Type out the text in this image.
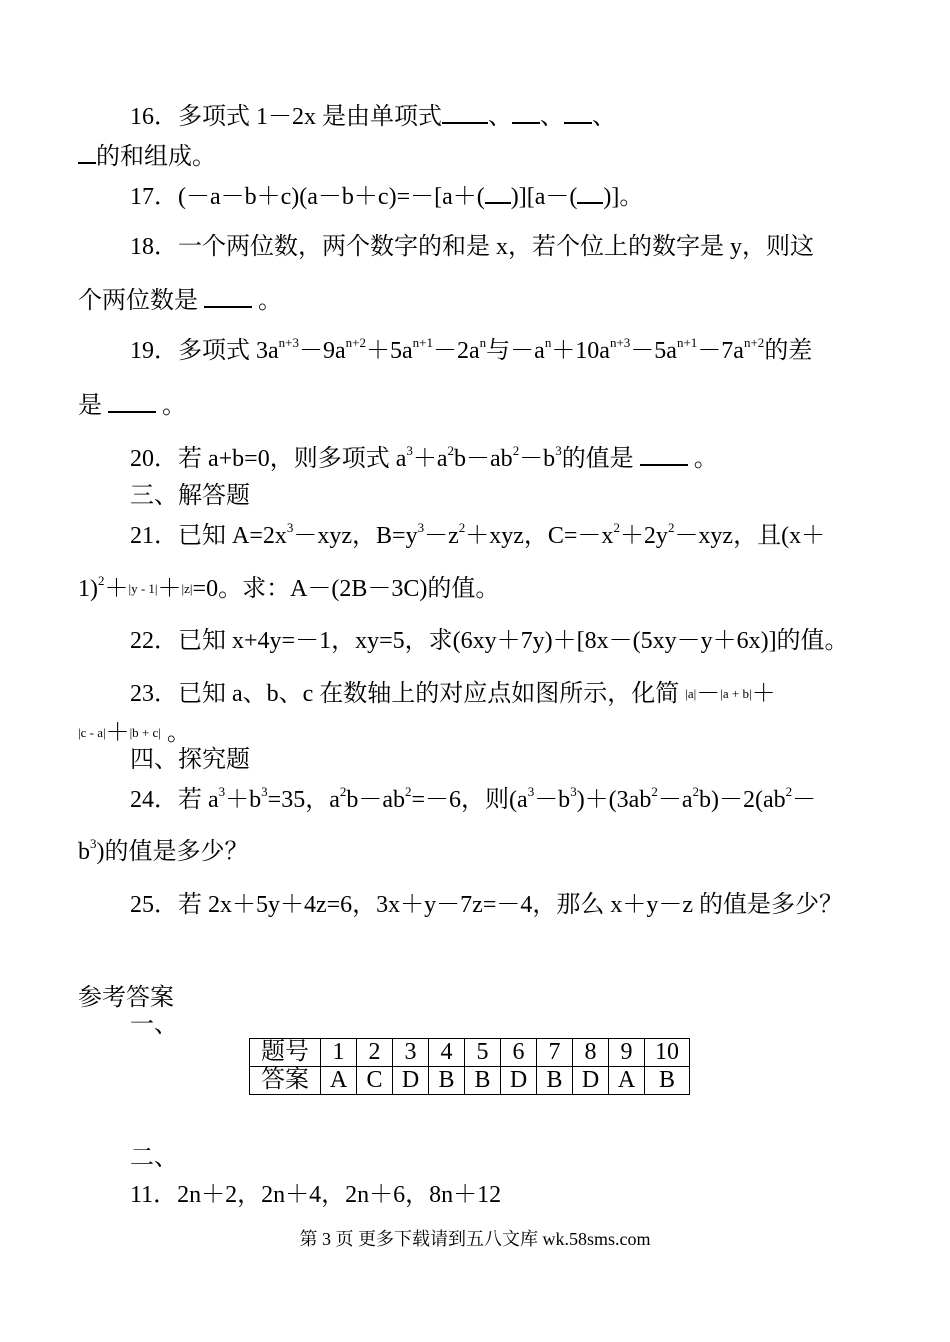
16．多项式 1－2x 是由单项式 、 、 、
的和组成。
17．(－a－b＋c)(a－b＋c)=－[a＋( )][a－( )]。
18．一个两位数，两个数字的和是 x，若个位上的数字是 y，则这
个两位数是  。
19．多项式 $3a^{n+3}-9a^{n+2}+5a^{n+1}-2a^n$与$-a^n+10a^{n+3}-5a^{n+1}-7a^{n+2}$的差
是  。
20．若 a+b=0，则多项式 $a^3+a^2b-ab^2-b^3$的值是  。
三、解答题
21．已知 $A=2x^3-xyz$，$B=y^3-z^2+xyz$，$C=-x^2+2y^2-xyz$，且(x＋
1)$^2$＋|y - 1|＋|z|=0。求：A－(2B－3C)的值。
22．已知 x+4y=－1，xy=5，求(6xy＋7y)＋[8x－(5xy－y＋6x)]的值。
23．已知 a、b、c 在数轴上的对应点如图所示，化简 |a|－|a + b|＋
|c - a|＋|b + c| 。
四、探究题
24．若 $a^3+b^3=35$，$a^2b-ab^2=-6$，则$(a^3-b^3)+(3ab^2-a^2b)-2(ab^2-$
$b^3$)的值是多少？
25．若 2x＋5y＋4z=6，3x＋y－7z=－4，那么 x＋y－z 的值是多少？
参考答案
一、
题号	1	2	3	4	5	6	7	8	9	10
答案	A	C	D	B	B	D	B	D	A	B
二、
11．2n＋2，2n＋4，2n＋6，8n＋12
第 3 页 更多下载请到五八文库 wk.58sms.com
